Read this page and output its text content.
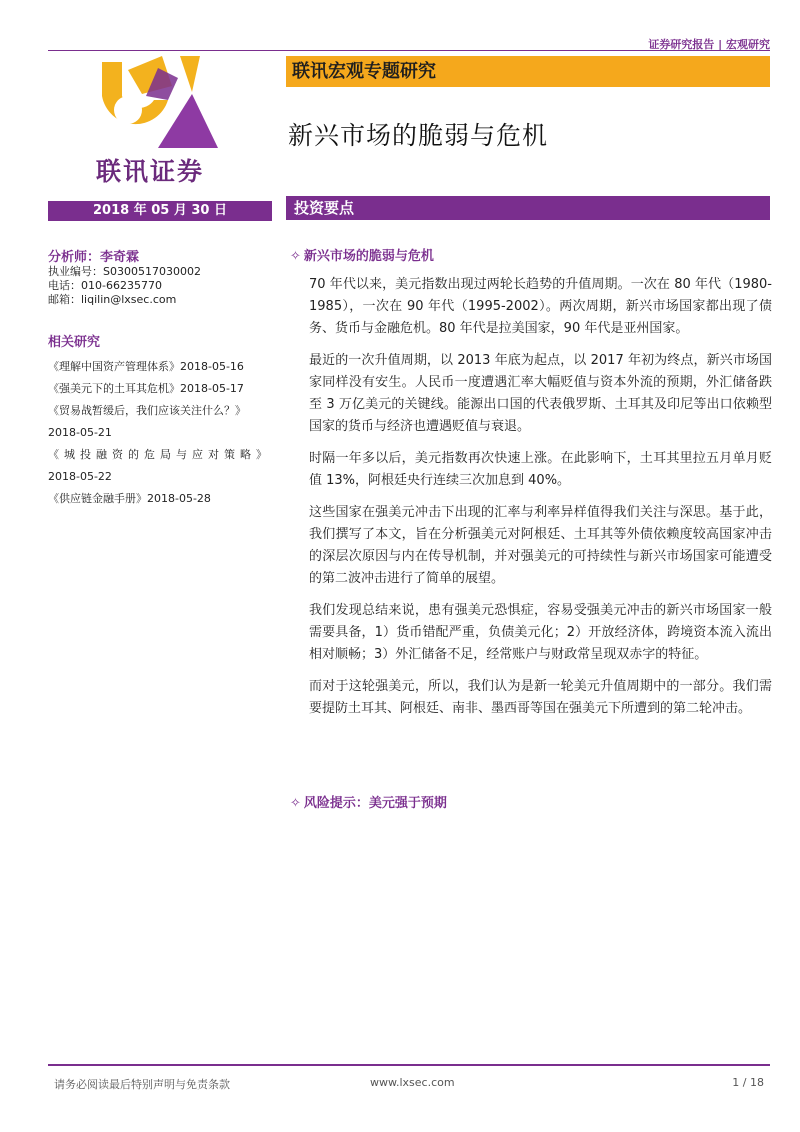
证券研究报告 | 宏观研究
联讯证券
联讯宏观专题研究
新兴市场的脆弱与危机
2018 年 05 月 30 日	投资要点
分析师：李奇霖
执业编号：S0300517030002
电话：010-66235770
邮箱：liqilin@lxsec.com
相关研究
《理解中国资产管理体系》2018-05-16
《强美元下的土耳其危机》2018-05-17
《贸易战暂缓后，我们应该关注什么？》
2018-05-21
《城投融资的危局与应对策略》
2018-05-22
《供应链金融手册》2018-05-28
✧ 新兴市场的脆弱与危机

70 年代以来，美元指数出现过两轮长趋势的升值周期。一次在 80 年代（1980-1985），一次在 90 年代（1995-2002）。两次周期，新兴市场国家都出现了债务、货币与金融危机。80 年代是拉美国家，90 年代是亚州国家。

最近的一次升值周期，以 2013 年底为起点，以 2017 年初为终点，新兴市场国家同样没有安生。人民币一度遭遇汇率大幅贬值与资本外流的预期，外汇储备跌至 3 万亿美元的关键线。能源出口国的代表俄罗斯、土耳其及印尼等出口依赖型国家的货币与经济也遭遇贬值与衰退。

时隔一年多以后，美元指数再次快速上涨。在此影响下，土耳其里拉五月单月贬值 13%，阿根廷央行连续三次加息到 40%。

这些国家在强美元冲击下出现的汇率与利率异样值得我们关注与深思。基于此，我们撰写了本文，旨在分析强美元对阿根廷、土耳其等外债依赖度较高国家冲击的深层次原因与内在传导机制，并对强美元的可持续性与新兴市场国家可能遭受的第二波冲击进行了简单的展望。

我们发现总结来说，患有强美元恐惧症，容易受强美元冲击的新兴市场国家一般需要具备，1）货币错配严重，负债美元化；2）开放经济体，跨境资本流入流出相对顺畅；3）外汇储备不足，经常账户与财政常呈现双赤字的特征。

而对于这轮强美元，所以，我们认为是新一轮美元升值周期中的一部分。我们需要提防土耳其、阿根廷、南非、墨西哥等国在强美元下所遭到的第二轮冲击。

✧ 风险提示：美元强于预期
请务必阅读最后特别声明与免责条款	www.lxsec.com	1 / 18
